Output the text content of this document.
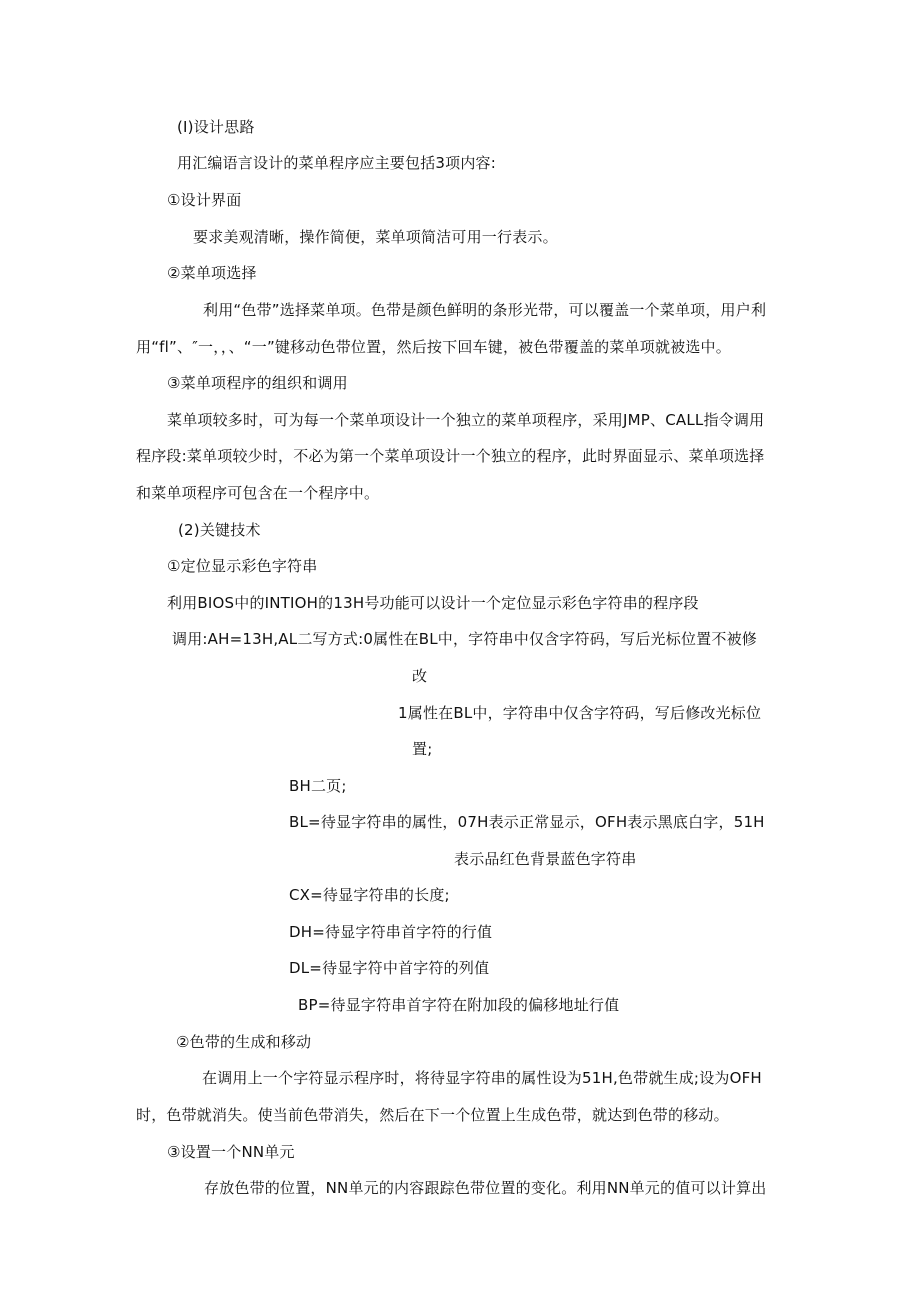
(I)设计思路
用汇编语言设计的菜单程序应主要包括3项内容:
①设计界面
要求美观清晰，操作简便，菜单项简洁可用一行表示。
②菜单项选择
利用“色带”选择菜单项。色带是颜色鲜明的条形光带，可以覆盖一个菜单项，用户利
用“fl”、″一，，、“一”键移动色带位置，然后按下回车键，被色带覆盖的菜单项就被选中。
③菜单项程序的组织和调用
菜单项较多时，可为每一个菜单项设计一个独立的菜单项程序，采用JMP、CALL指令调用
程序段:菜单项较少时，不必为第一个菜单项设计一个独立的程序，此时界面显示、菜单项选择
和菜单项程序可包含在一个程序中。
(2)关键技术
①定位显示彩色字符串
利用BIOS中的INTIOH的13H号功能可以设计一个定位显示彩色字符串的程序段
调用:AH=13H,AL二写方式:0属性在BL中，字符串中仅含字符码，写后光标位置不被修
改
1属性在BL中，字符串中仅含字符码，写后修改光标位
置;
BH二页;
BL=待显字符串的属性，07H表示正常显示，OFH表示黑底白字，51H
表示品红色背景蓝色字符串
CX=待显字符串的长度;
DH=待显字符串首字符的行值
DL=待显字符中首字符的列值
BP=待显字符串首字符在附加段的偏移地址行值
②色带的生成和移动
在调用上一个字符显示程序时，将待显字符串的属性设为51H,色带就生成;设为OFH
时，色带就消失。使当前色带消失，然后在下一个位置上生成色带，就达到色带的移动。
③设置一个NN单元
存放色带的位置，NN单元的内容跟踪色带位置的变化。利用NN单元的值可以计算出
